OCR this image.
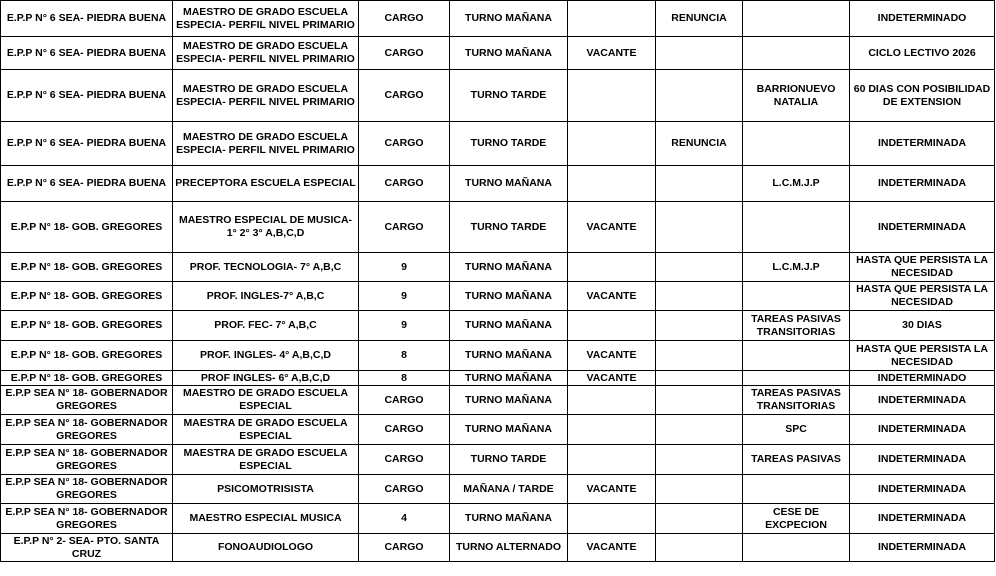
E.P.P N° 6 SEA- PIEDRA BUENA	MAESTRO DE GRADO ESCUELA ESPECIA- PERFIL NIVEL PRIMARIO	CARGO	TURNO MAÑANA		RENUNCIA		INDETERMINADO
E.P.P N° 6 SEA- PIEDRA BUENA	MAESTRO DE GRADO ESCUELA ESPECIA- PERFIL NIVEL PRIMARIO	CARGO	TURNO MAÑANA	VACANTE			CICLO LECTIVO 2026
E.P.P N° 6 SEA- PIEDRA BUENA	MAESTRO DE GRADO ESCUELA ESPECIA- PERFIL NIVEL PRIMARIO	CARGO	TURNO TARDE			BARRIONUEVO NATALIA	60 DIAS CON POSIBILIDAD DE EXTENSION
E.P.P N° 6 SEA- PIEDRA BUENA	MAESTRO DE GRADO ESCUELA ESPECIA- PERFIL NIVEL PRIMARIO	CARGO	TURNO TARDE		RENUNCIA		INDETERMINADA
E.P.P N° 6 SEA- PIEDRA BUENA	PRECEPTORA ESCUELA ESPECIAL	CARGO	TURNO MAÑANA			L.C.M.J.P	INDETERMINADA
E.P.P N° 18- GOB. GREGORES	MAESTRO ESPECIAL DE MUSICA- 1° 2° 3° A,B,C,D	CARGO	TURNO TARDE	VACANTE			INDETERMINADA
E.P.P N° 18- GOB. GREGORES	PROF. TECNOLOGIA- 7° A,B,C	9	TURNO MAÑANA			L.C.M.J.P	HASTA QUE PERSISTA LA NECESIDAD
E.P.P N° 18- GOB. GREGORES	PROF. INGLES-7° A,B,C	9	TURNO MAÑANA	VACANTE			HASTA QUE PERSISTA LA NECESIDAD
E.P.P N° 18- GOB. GREGORES	PROF. FEC- 7° A,B,C	9	TURNO MAÑANA			TAREAS PASIVAS TRANSITORIAS	30 DIAS
E.P.P N° 18- GOB. GREGORES	PROF. INGLES- 4° A,B,C,D	8	TURNO MAÑANA	VACANTE			HASTA QUE PERSISTA LA NECESIDAD
E.P.P N° 18- GOB. GREGORES	PROF INGLES- 6° A,B,C,D	8	TURNO MAÑANA	VACANTE			INDETERMINADO
E.P.P SEA N° 18- GOBERNADOR GREGORES	MAESTRO DE GRADO ESCUELA ESPECIAL	CARGO	TURNO MAÑANA			TAREAS PASIVAS TRANSITORIAS	INDETERMINADA
E.P.P SEA N° 18- GOBERNADOR GREGORES	MAESTRA DE GRADO ESCUELA ESPECIAL	CARGO	TURNO MAÑANA			SPC	INDETERMINADA
E.P.P SEA N° 18- GOBERNADOR GREGORES	MAESTRA DE GRADO ESCUELA ESPECIAL	CARGO	TURNO TARDE			TAREAS PASIVAS	INDETERMINADA
E.P.P SEA N° 18- GOBERNADOR GREGORES	PSICOMOTRISISTA	CARGO	MAÑANA / TARDE	VACANTE			INDETERMINADA
E.P.P SEA N° 18- GOBERNADOR GREGORES	MAESTRO ESPECIAL MUSICA	4	TURNO MAÑANA			CESE DE EXCPECION	INDETERMINADA
E.P.P N° 2- SEA- PTO. SANTA CRUZ	FONOAUDIOLOGO	CARGO	TURNO ALTERNADO	VACANTE			INDETERMINADA
